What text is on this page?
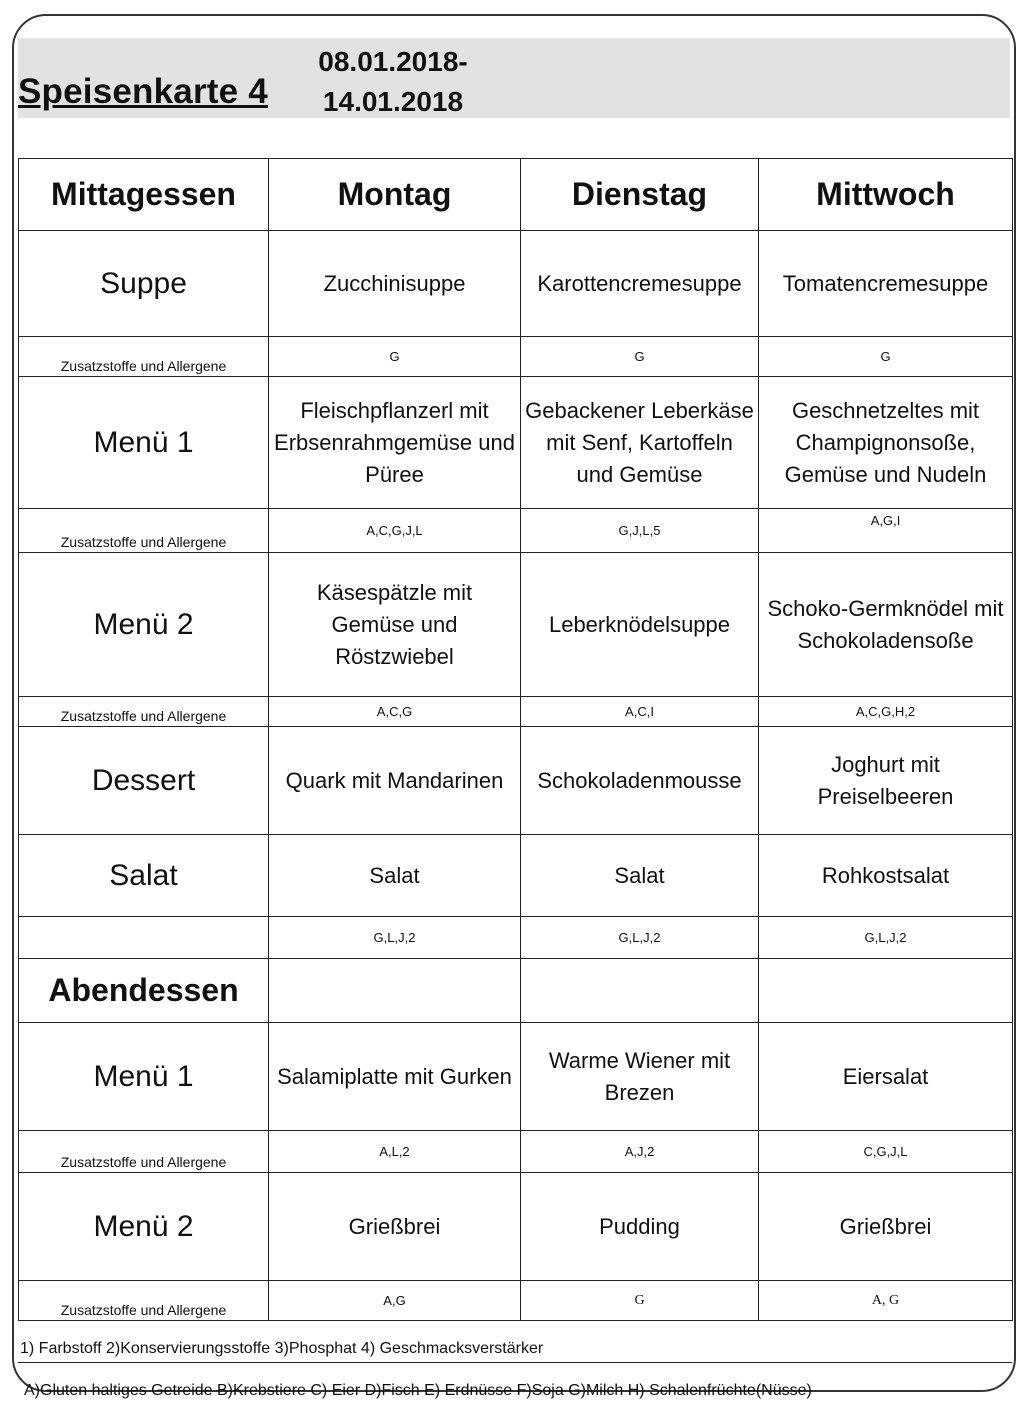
Speisenkarte 4
08.01.2018-
14.01.2018
Mittagessen	Montag	Dienstag	Mittwoch
Suppe	Zucchinisuppe	Karottencremesuppe	Tomatencremesuppe
Zusatzstoffe und Allergene	G	G	G
Menü 1	Fleischpflanzerl mit Erbsenrahmgemüse und Püree	Gebackener Leberkäse mit Senf, Kartoffeln und Gemüse	Geschnetzeltes mit Champignonsoße, Gemüse und Nudeln
Zusatzstoffe und Allergene	A,C,G,J,L	G,J,L,5	A,G,I
Menü 2	Käsespätzle mit Gemüse und Röstzwiebel	Leberknödelsuppe	Schoko-Germknödel mit Schokoladensoße
Zusatzstoffe und Allergene	A,C,G	A,C,I	A,C,G,H,2
Dessert	Quark mit Mandarinen	Schokoladenmousse	Joghurt mit Preiselbeeren
Salat	Salat	Salat	Rohkostsalat
	G,L,J,2	G,L,J,2	G,L,J,2
Abendessen			
Menü 1	Salamiplatte mit Gurken	Warme Wiener mit Brezen	Eiersalat
Zusatzstoffe und Allergene	A,L,2	A,J,2	C,G,J,L
Menü 2	Grießbrei	Pudding	Grießbrei
Zusatzstoffe und Allergene	A,G	G	A, G
1) Farbstoff 2)Konservierungsstoffe 3)Phosphat 4) Geschmacksverstärker
A)Gluten haltiges Getreide B)Krebstiere C) Eier D)Fisch E) Erdnüsse F)Soja G)Milch H) Schalenfrüchte(Nüsse)
